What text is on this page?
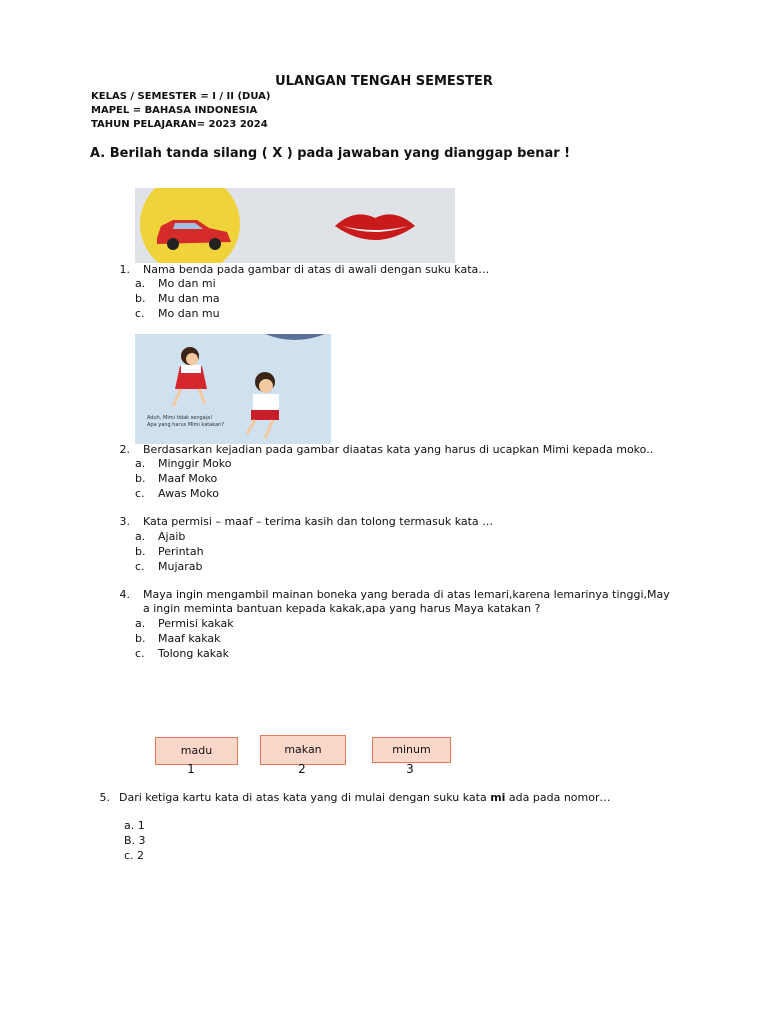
ULANGAN TENGAH SEMESTER
KELAS / SEMESTER = I / II (DUA)
MAPEL = BAHASA INDONESIA
TAHUN PELAJARAN= 2023 2024
A. Berilah tanda silang ( X ) pada jawaban yang dianggap benar !
1. Nama benda pada gambar di atas di awali dengan suku kata…
a. Mo dan mi
b. Mu dan ma
c. Mo dan mu
Aduh, Mimi tidak sengaja!
Apa yang harus Mimi katakan?
2. Berdasarkan kejadian pada gambar diaatas kata yang harus di ucapkan Mimi kepada moko..
a. Minggir Moko
b. Maaf Moko
c. Awas Moko
3. Kata permisi – maaf – terima kasih dan tolong termasuk kata …
a. Ajaib
b. Perintah
c. Mujarab
4. Maya ingin mengambil mainan boneka yang berada di atas lemari,karena lemarinya tinggi,May
a ingin meminta bantuan kepada kakak,apa yang harus Maya katakan ?
a. Permisi kakak
b. Maaf kakak
c. Tolong kakak
madu
1
makan
2
minum
3
5. Dari ketiga kartu kata di atas kata yang di mulai dengan suku kata mi ada pada nomor…
a. 1
B. 3
c. 2
